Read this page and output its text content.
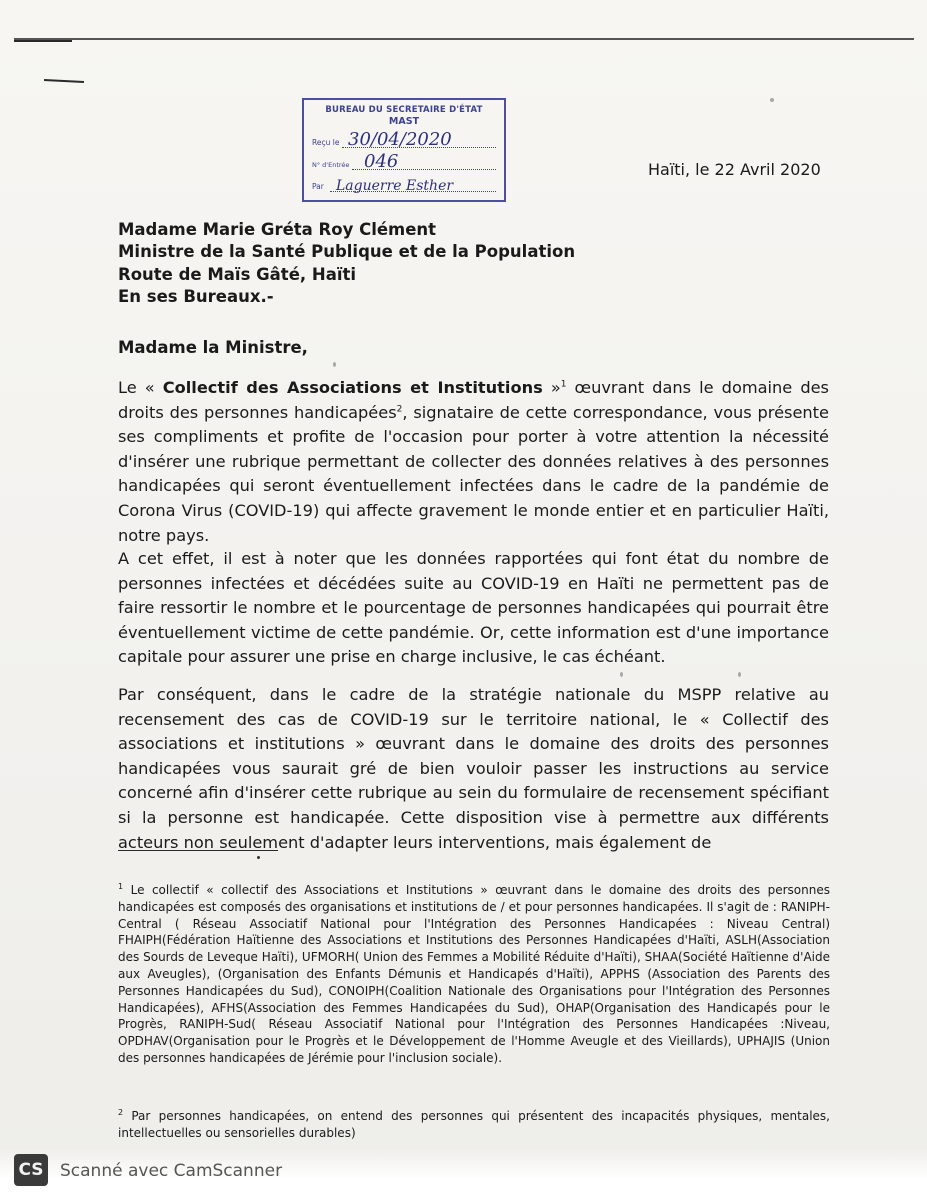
BUREAU DU SECRETAIRE D'ÉTAT
MAST
Reçu le 30/04/2020
N° d'Entrée 046
Par Laguerre Esther
Haïti, le 22 Avril 2020
Madame Marie Gréta Roy Clément
Ministre de la Santé Publique et de la Population
Route de Maïs Gâté, Haïti
En ses Bureaux.-
Madame la Ministre,
Le « Collectif des Associations et Institutions »$^1$ œuvrant dans le domaine des droits des personnes handicapées$^2$, signataire de cette correspondance, vous présente ses compliments et profite de l'occasion pour porter à votre attention la nécessité d'insérer une rubrique permettant de collecter des données relatives à des personnes handicapées qui seront éventuellement infectées dans le cadre de la pandémie de Corona Virus (COVID-19) qui affecte gravement le monde entier et en particulier Haïti, notre pays.
A cet effet, il est à noter que les données rapportées qui font état du nombre de personnes infectées et décédées suite au COVID-19 en Haïti ne permettent pas de faire ressortir le nombre et le pourcentage de personnes handicapées qui pourrait être éventuellement victime de cette pandémie. Or, cette information est d'une importance capitale pour assurer une prise en charge inclusive, le cas échéant.
Par conséquent, dans le cadre de la stratégie nationale du MSPP relative au recensement des cas de COVID-19 sur le territoire national, le « Collectif des associations et institutions » œuvrant dans le domaine des droits des personnes handicapées vous saurait gré de bien vouloir passer les instructions au service concerné afin d'insérer cette rubrique au sein du formulaire de recensement spécifiant si la personne est handicapée. Cette disposition vise à permettre aux différents acteurs non seulement d'adapter leurs interventions, mais également de
$^1$ Le collectif « collectif des Associations et Institutions » œuvrant dans le domaine des droits des personnes handicapées est composés des organisations et institutions de / et pour personnes handicapées. Il s'agit de : RANIPH-Central ( Réseau Associatif National pour l'Intégration des Personnes Handicapées : Niveau Central) FHAIPH(Fédération Haïtienne des Associations et Institutions des Personnes Handicapées d'Haïti, ASLH(Association des Sourds de Leveque Haïti), UFMORH( Union des Femmes a Mobilité Réduite d'Haïti), SHAA(Société Haïtienne d'Aide aux Aveugles), (Organisation des Enfants Démunis et Handicapés d'Haïti), APPHS (Association des Parents des Personnes Handicapées du Sud), CONOIPH(Coalition Nationale des Organisations pour l'Intégration des Personnes Handicapées), AFHS(Association des Femmes Handicapées du Sud), OHAP(Organisation des Handicapés pour le Progrès, RANIPH-Sud( Réseau Associatif National pour l'Intégration des Personnes Handicapées :Niveau, OPDHAV(Organisation pour le Progrès et le Développement de l'Homme Aveugle et des Vieillards), UPHAJIS (Union des personnes handicapées de Jérémie pour l'inclusion sociale).
$^2$ Par personnes handicapées, on entend des personnes qui présentent des incapacités physiques, mentales, intellectuelles ou sensorielles durables)
CS Scanné avec CamScanner
